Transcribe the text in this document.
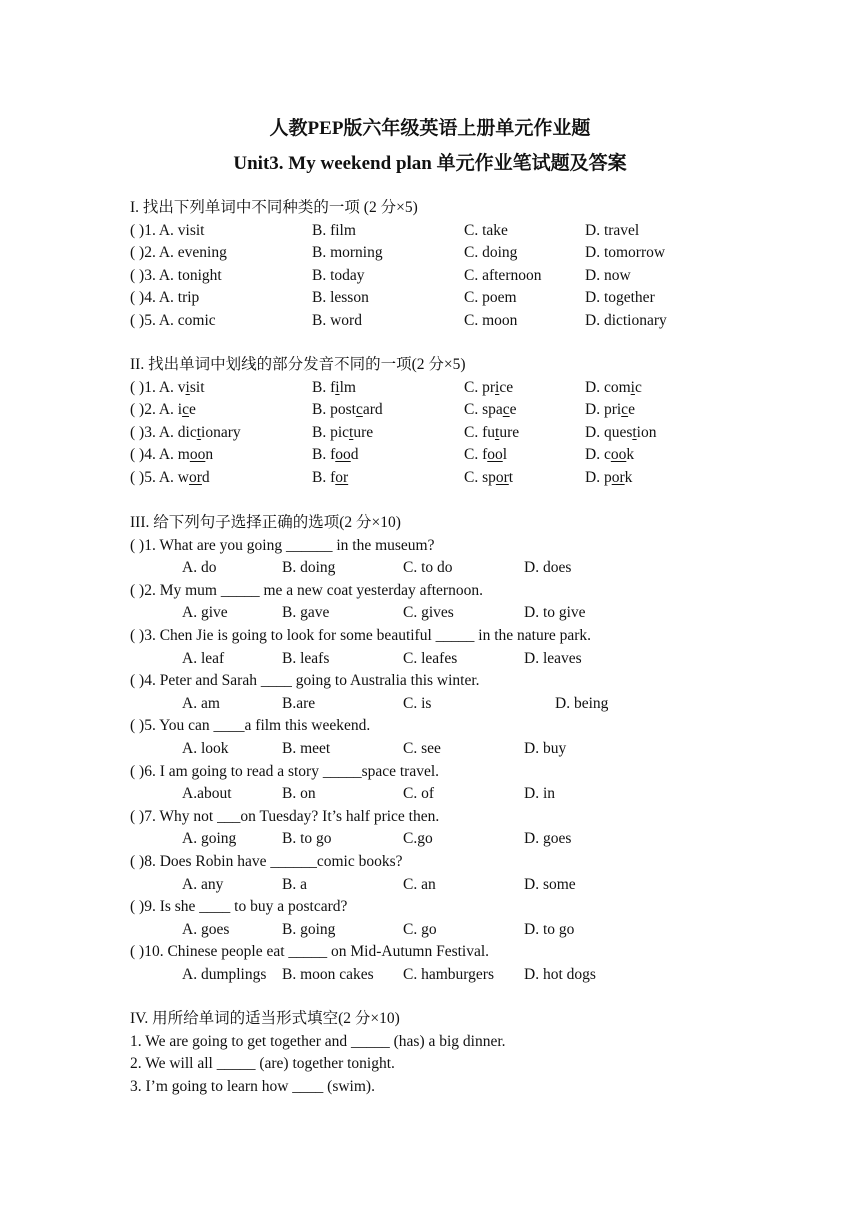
人教PEP版六年级英语上册单元作业题
Unit3. My weekend plan 单元作业笔试题及答案
I. 找出下列单词中不同种类的一项 (2 分×5)
( )1. A. visit	B. film	C. take	D. travel
( )2. A. evening	B. morning	C. doing	D. tomorrow
( )3. A. tonight	B. today	C. afternoon	D. now
( )4. A. trip	B. lesson	C. poem	D. together
( )5. A. comic	B. word	C. moon	D. dictionary
II. 找出单词中划线的部分发音不同的一项(2 分×5)
( )1. A. visit	B. film	C. price	D. comic
( )2. A. ice	B. postcard	C. space	D. price
( )3. A. dictionary	B. picture	C. future	D. question
( )4. A. moon	B. food	C. fool	D. cook
( )5. A. word	B. for	C. sport	D. pork
III. 给下列句子选择正确的选项(2 分×10)
( )1. What are you going ______ in the museum?
A. do	B. doing	C. to do	D. does
( )2. My mum _____ me a new coat yesterday afternoon.
A. give	B. gave	C. gives	D. to give
( )3. Chen Jie is going to look for some beautiful _____ in the nature park.
A. leaf	B. leafs	C. leafes	D. leaves
( )4. Peter and Sarah ____ going to Australia this winter.
A. am	B.are	C. is	D. being
( )5. You can ____a film this weekend.
A. look	B. meet	C. see	D. buy
( )6. I am going to read a story _____space travel.
A.about	B. on	C. of	D. in
( )7. Why not ___on Tuesday? It’s half price then.
A. going	B. to go	C.go	D. goes
( )8. Does Robin have ______comic books?
A. any	B. a	C. an	D. some
( )9. Is she ____ to buy a postcard?
A. goes	B. going	C. go	D. to go
( )10. Chinese people eat _____ on Mid-Autumn Festival.
A. dumplings B. moon cakes C. hamburgers D. hot dogs
IV. 用所给单词的适当形式填空(2 分×10)
1. We are going to get together and _____ (has) a big dinner.
2. We will all _____ (are) together tonight.
3. I’m going to learn how ____ (swim).
